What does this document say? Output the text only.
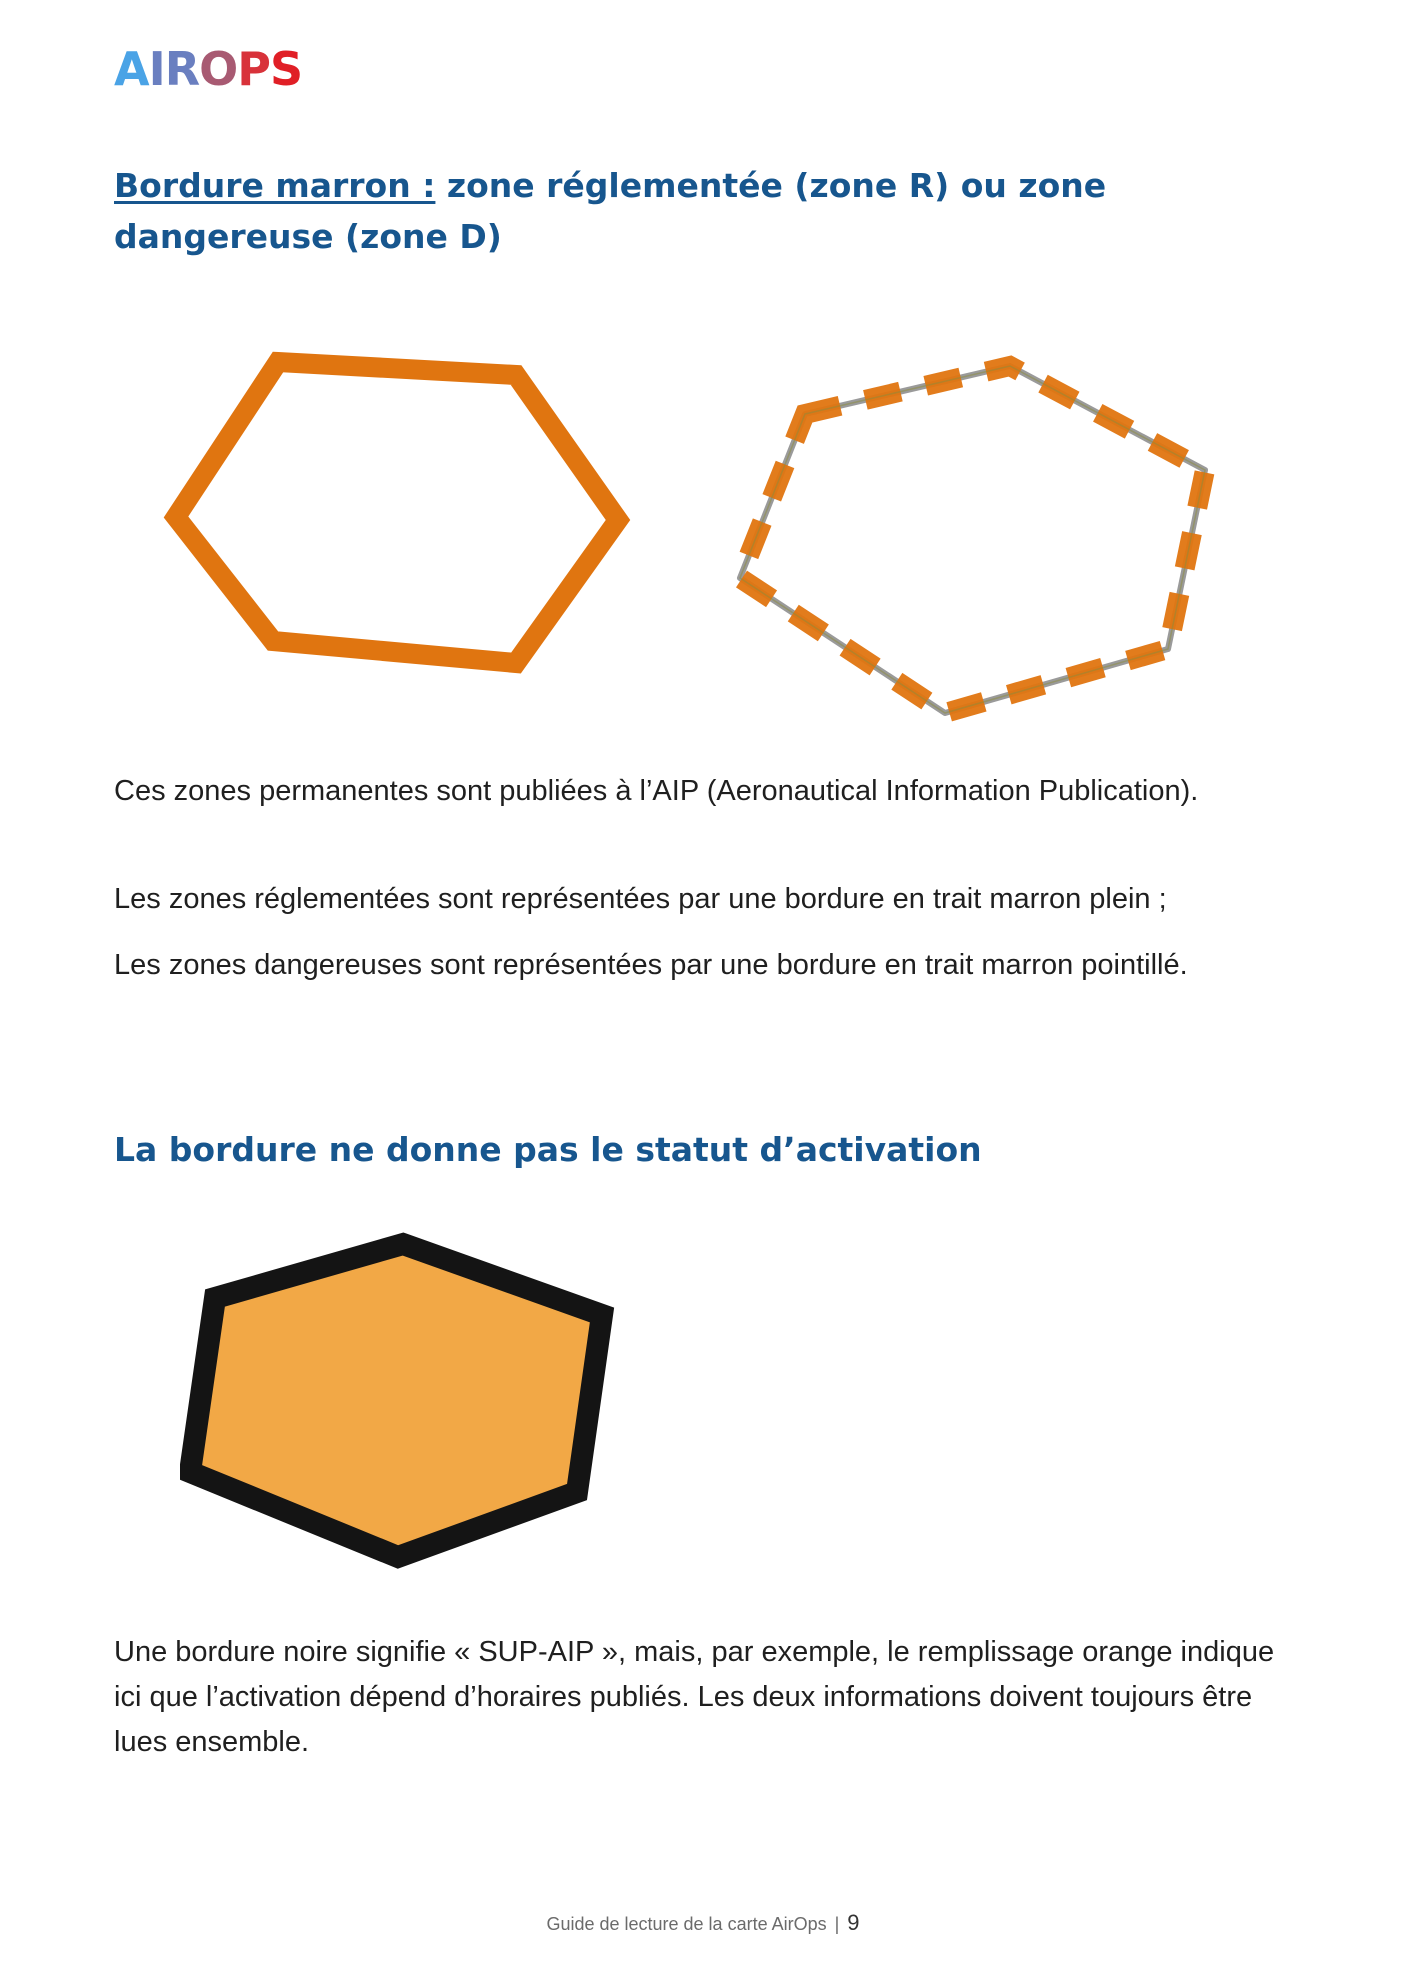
AIROPS
Bordure marron : zone réglementée (zone R) ou zone dangereuse (zone D)

Ces zones permanentes sont publiées à l’AIP (Aeronautical Information Publication).

Les zones réglementées sont représentées par une bordure en trait marron plein ;

Les zones dangereuses sont représentées par une bordure en trait marron pointillé.

La bordure ne donne pas le statut d’activation

Une bordure noire signifie « SUP-AIP », mais, par exemple, le remplissage orange indique ici que l’activation dépend d’horaires publiés. Les deux informations doivent toujours être lues ensemble.

Guide de lecture de la carte AirOps | 9
